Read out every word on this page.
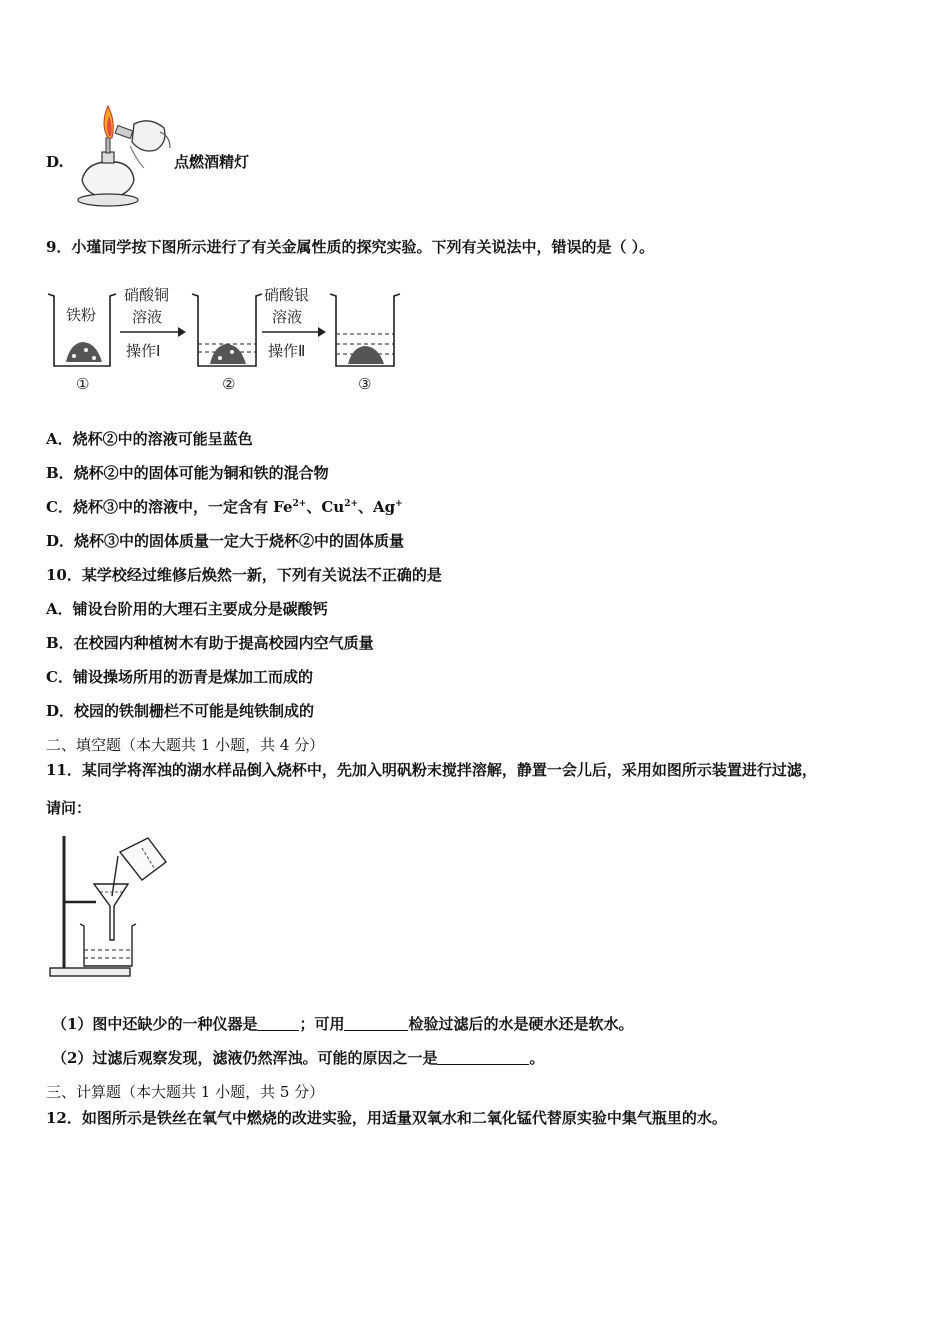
D.	点燃酒精灯
9．小瑾同学按下图所示进行了有关金属性质的探究实验。下列有关说法中，错误的是（ ）。
铁粉
①
硝酸铜
溶液
操作Ⅰ
②
硝酸银
溶液
操作Ⅱ
③
A．烧杯②中的溶液可能呈蓝色
B．烧杯②中的固体可能为铜和铁的混合物
C．烧杯③中的溶液中，一定含有 $Fe^{2+}$、$Cu^{2+}$、Ag+
D．烧杯③中的固体质量一定大于烧杯②中的固体质量
10．某学校经过维修后焕然一新，下列有关说法不正确的是
A．铺设台阶用的大理石主要成分是碳酸钙
B．在校园内种植树木有助于提高校园内空气质量
C．铺设操场所用的沥青是煤加工而成的
D．校园的铁制栅栏不可能是纯铁制成的
二、填空题（本大题共 1 小题，共 4 分）
11．某同学将浑浊的湖水样品倒入烧杯中，先加入明矾粉末搅拌溶解，静置一会儿后，采用如图所示装置进行过滤，
请问：
（1）图中还缺少的一种仪器是	；可用	检验过滤后的水是硬水还是软水。
（2）过滤后观察发现，滤液仍然浑浊。可能的原因之一是	。
三、计算题（本大题共 1 小题，共 5 分）
12．如图所示是铁丝在氧气中燃烧的改进实验，用适量双氧水和二氧化锰代替原实验中集气瓶里的水。
